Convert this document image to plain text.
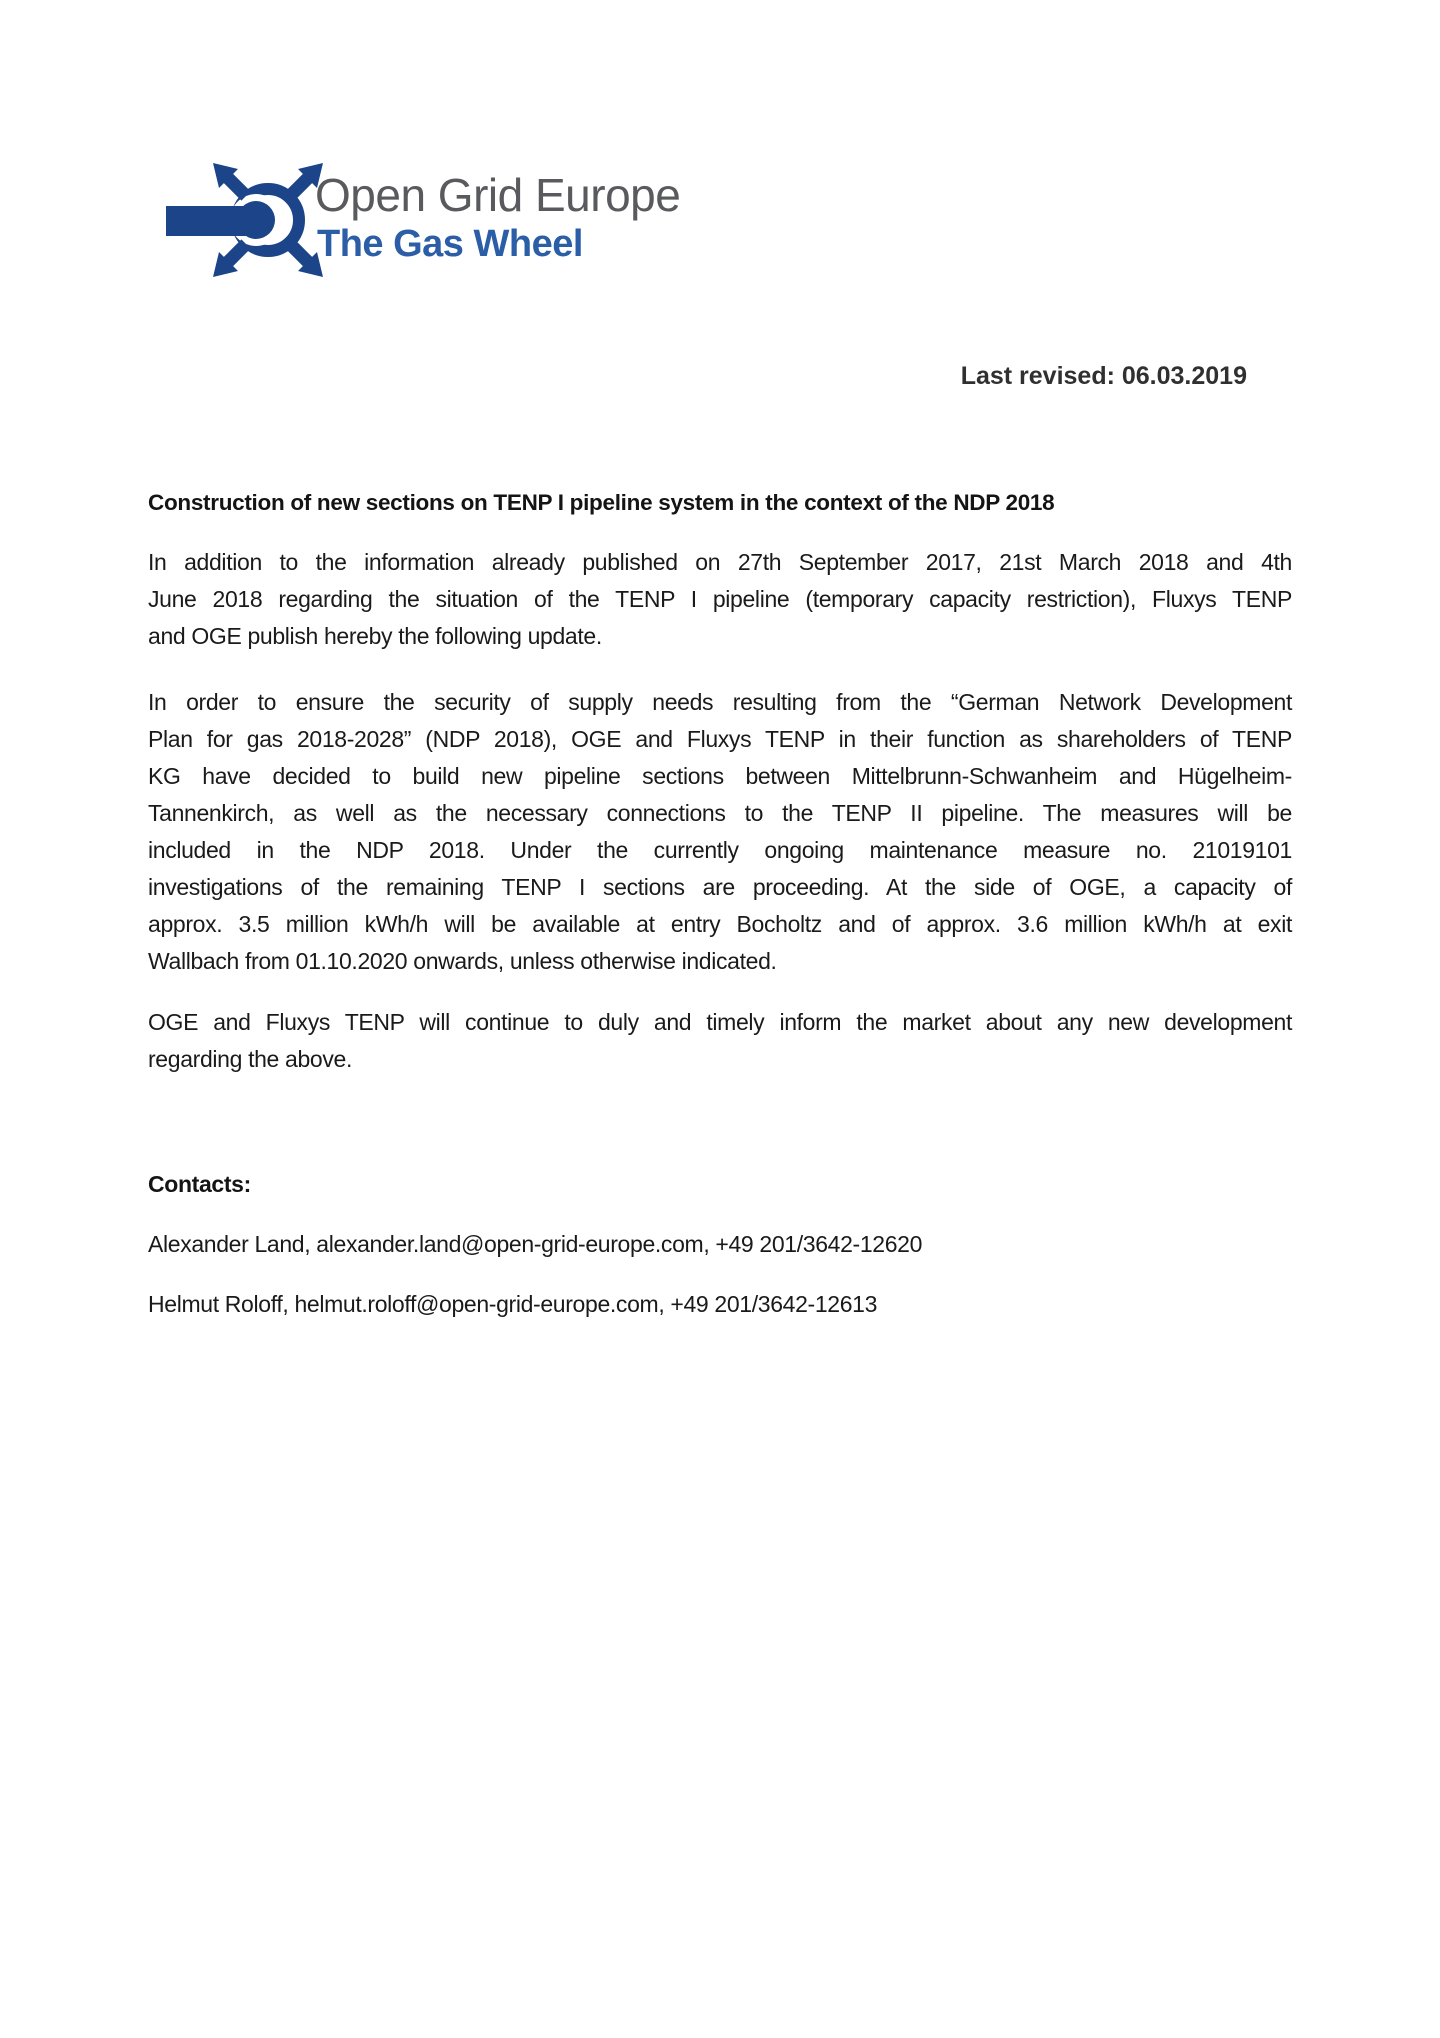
Open Grid Europe
The Gas Wheel
Last revised: 06.03.2019
Construction of new sections on TENP I pipeline system in the context of the NDP 2018
In addition to the information already published on 27th September 2017, 21st March 2018 and 4th
June 2018 regarding the situation of the TENP I pipeline (temporary capacity restriction), Fluxys TENP
and OGE publish hereby the following update.
In order to ensure the security of supply needs resulting from the “German Network Development
Plan for gas 2018-2028” (NDP 2018), OGE and Fluxys TENP in their function as shareholders of TENP
KG have decided to build new pipeline sections between Mittelbrunn-Schwanheim and Hügelheim-
Tannenkirch, as well as the necessary connections to the TENP II pipeline. The measures will be
included in the NDP 2018. Under the currently ongoing maintenance measure no. 21019101
investigations of the remaining TENP I sections are proceeding. At the side of OGE, a capacity of
approx. 3.5 million kWh/h will be available at entry Bocholtz and of approx. 3.6 million kWh/h at exit
Wallbach from 01.10.2020 onwards, unless otherwise indicated.
OGE and Fluxys TENP will continue to duly and timely inform the market about any new development
regarding the above.
Contacts:
Alexander Land, alexander.land@open-grid-europe.com, +49 201/3642-12620
Helmut Roloff, helmut.roloff@open-grid-europe.com, +49 201/3642-12613
